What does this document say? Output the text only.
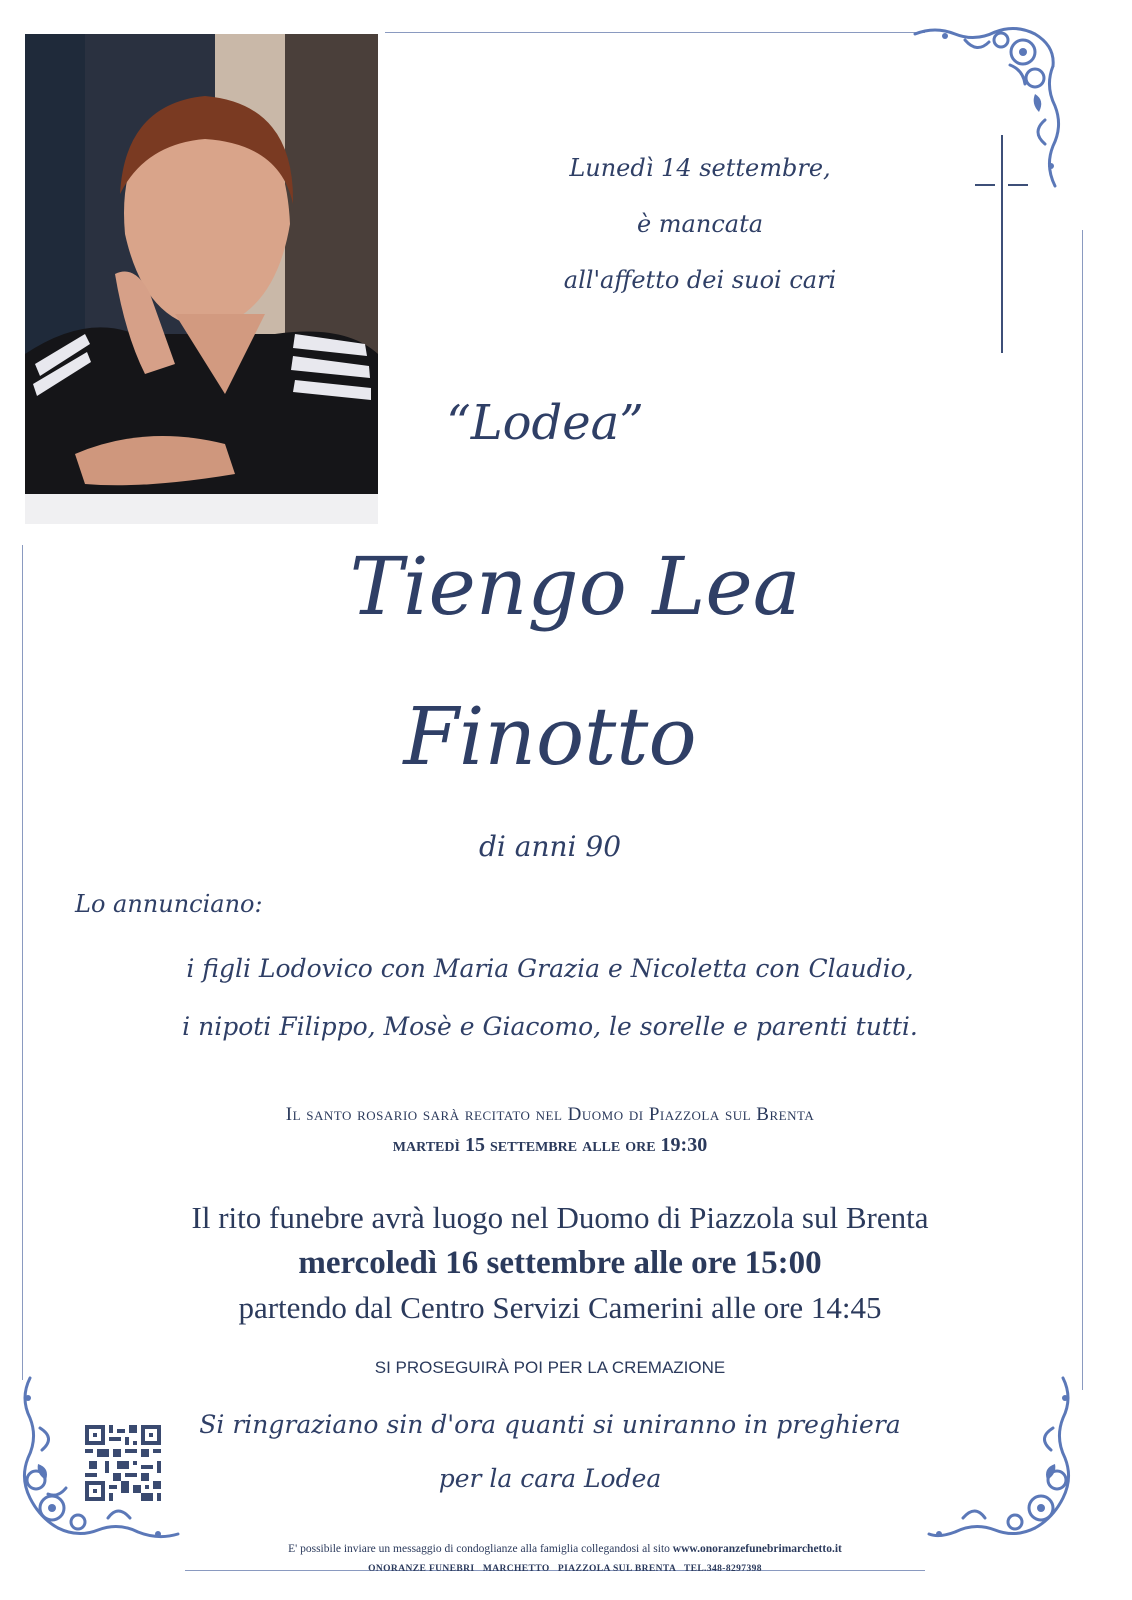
Lunedì 14 settembre,
è mancata
all'affetto dei suoi cari
“Lodea”
Tiengo Lea
Finotto
di anni 90
Lo annunciano:
i figli Lodovico con Maria Grazia e Nicoletta con Claudio,
i nipoti Filippo, Mosè e Giacomo, le sorelle e parenti tutti.
Il santo rosario sarà recitato nel Duomo di Piazzola sul Brenta
martedì 15 settembre alle ore 19:30
Il rito funebre avrà luogo nel Duomo di Piazzola sul Brenta
mercoledì 16 settembre alle ore 15:00
partendo dal Centro Servizi Camerini alle ore 14:45
SI PROSEGUIRÀ POI PER LA CREMAZIONE
Si ringraziano sin d'ora quanti si uniranno in preghiera
per la cara Lodea
E' possibile inviare un messaggio di condoglianze alla famiglia collegandosi al sito www.onoranzefunebrimarchetto.it
ONORANZE FUNEBRI   MARCHETTO   PIAZZOLA SUL BRENTA   TEL.348-8297398
